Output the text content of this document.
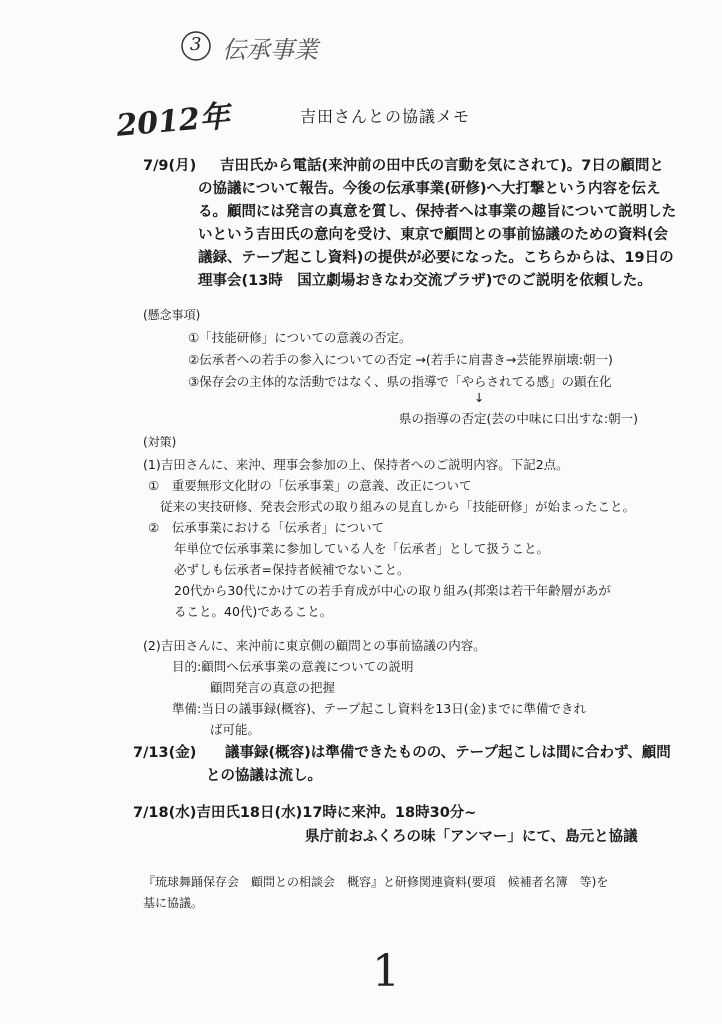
3 伝承事業
2012年	吉田さんとの協議メモ
7/9(月) 吉田氏から電話(来沖前の田中氏の言動を気にされて)。7日の顧問と
の協議について報告。今後の伝承事業(研修)へ大打撃という内容を伝え
る。顧問には発言の真意を質し、保持者へは事業の趣旨について説明した
いという吉田氏の意向を受け、東京で顧問との事前協議のための資料(会
議録、テープ起こし資料)の提供が必要になった。こちらからは、19日の
理事会(13時　国立劇場おきなわ交流プラザ)でのご説明を依頼した。
(懸念事項)
①「技能研修」についての意義の否定。
②伝承者への若手の参入についての否定 →(若手に肩書き→芸能界崩壊:朝一)
③保存会の主体的な活動ではなく、県の指導で「やらされてる感」の顕在化
↓
県の指導の否定(芸の中味に口出すな:朝一)
(対策)
(1)吉田さんに、来沖、理事会参加の上、保持者へのご説明内容。下記2点。
①　重要無形文化財の「伝承事業」の意義、改正について
従来の実技研修、発表会形式の取り組みの見直しから「技能研修」が始まったこと。
②　伝承事業における「伝承者」について
年単位で伝承事業に参加している人を「伝承者」として扱うこと。
必ずしも伝承者=保持者候補でないこと。
20代から30代にかけての若手育成が中心の取り組み(邦楽は若干年齢層があが
ること。40代)であること。
(2)吉田さんに、来沖前に東京側の顧問との事前協議の内容。
目的:顧問へ伝承事業の意義についての説明
顧問発言の真意の把握
準備:当日の議事録(概容)、テープ起こし資料を13日(金)までに準備できれ
ば可能。
7/13(金) 議事録(概容)は準備できたものの、テープ起こしは間に合わず、顧問
との協議は流し。
7/18(水)吉田氏18日(水)17時に来沖。18時30分~
県庁前おふくろの味「アンマー」にて、島元と協議
『琉球舞踊保存会　顧問との相談会　概容』と研修関連資料(要項　候補者名簿　等)を
基に協議。
1
